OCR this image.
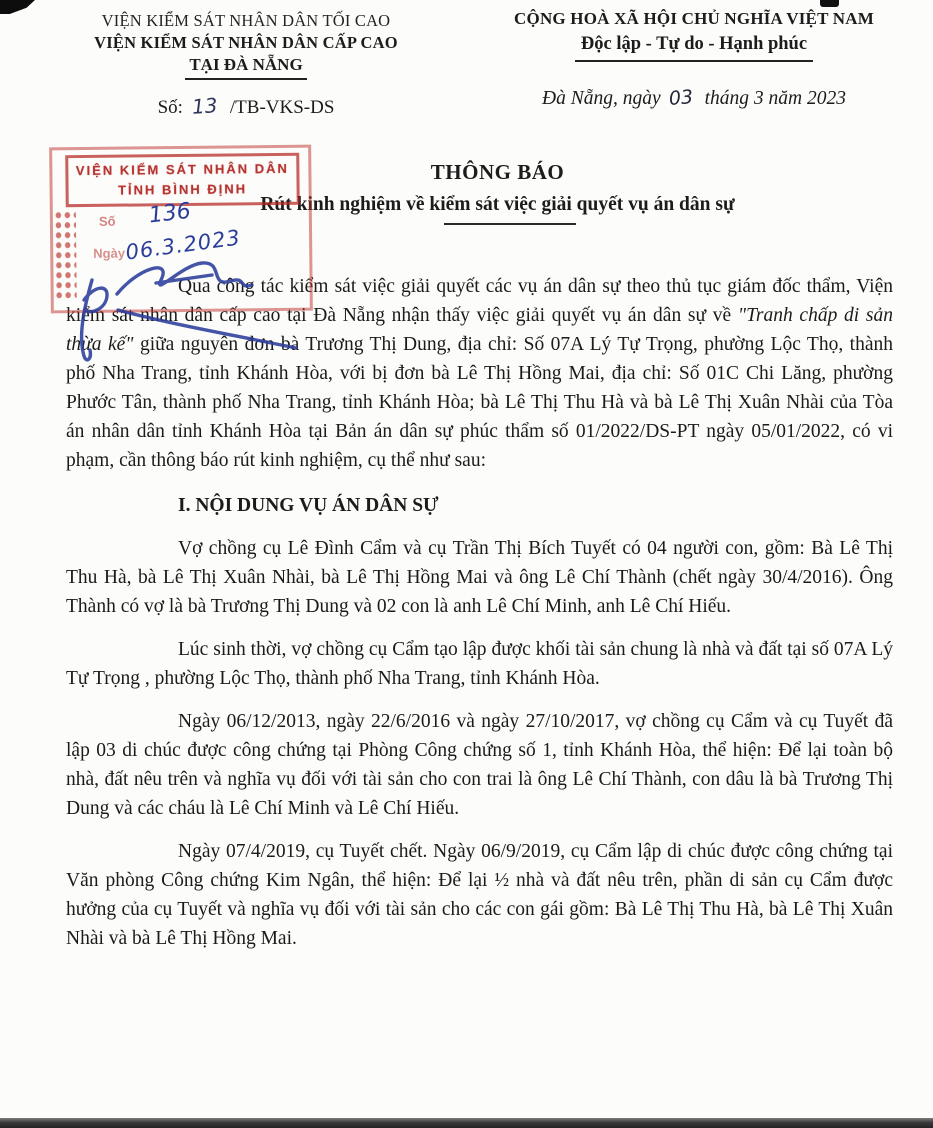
VIỆN KIỂM SÁT NHÂN DÂN TỐI CAO
VIỆN KIỂM SÁT NHÂN DÂN CẤP CAO
TẠI ĐÀ NẴNG
Số: 13 /TB-VKS-DS
CỘNG HOÀ XÃ HỘI CHỦ NGHĨA VIỆT NAM
Độc lập - Tự do - Hạnh phúc
Đà Nẵng, ngày 03 tháng 3 năm 2023
VIỆN KIỂM SÁT NHÂN DÂN
TỈNH BÌNH ĐỊNH
Số 136
Ngày
06.3.2023
THÔNG BÁO
Rút kinh nghiệm về kiểm sát việc giải quyết vụ án dân sự

Qua công tác kiểm sát việc giải quyết các vụ án dân sự theo thủ tục giám đốc thẩm, Viện kiểm sát nhân dân cấp cao tại Đà Nẵng nhận thấy việc giải quyết vụ án dân sự về "Tranh chấp di sản thừa kế" giữa nguyên đơn bà Trương Thị Dung, địa chỉ: Số 07A Lý Tự Trọng, phường Lộc Thọ, thành phố Nha Trang, tỉnh Khánh Hòa, với bị đơn bà Lê Thị Hồng Mai, địa chỉ: Số 01C Chi Lăng, phường Phước Tân, thành phố Nha Trang, tỉnh Khánh Hòa; bà Lê Thị Thu Hà và bà Lê Thị Xuân Nhài của Tòa án nhân dân tỉnh Khánh Hòa tại Bản án dân sự phúc thẩm số 01/2022/DS-PT ngày 05/01/2022, có vi phạm, cần thông báo rút kinh nghiệm, cụ thể như sau:

I. NỘI DUNG VỤ ÁN DÂN SỰ

Vợ chồng cụ Lê Đình Cẩm và cụ Trần Thị Bích Tuyết có 04 người con, gồm: Bà Lê Thị Thu Hà, bà Lê Thị Xuân Nhài, bà Lê Thị Hồng Mai và ông Lê Chí Thành (chết ngày 30/4/2016). Ông Thành có vợ là bà Trương Thị Dung và 02 con là anh Lê Chí Minh, anh Lê Chí Hiếu.

Lúc sinh thời, vợ chồng cụ Cẩm tạo lập được khối tài sản chung là nhà và đất tại số 07A Lý Tự Trọng , phường Lộc Thọ, thành phố Nha Trang, tỉnh Khánh Hòa.

Ngày 06/12/2013, ngày 22/6/2016 và ngày 27/10/2017, vợ chồng cụ Cẩm và cụ Tuyết đã lập 03 di chúc được công chứng tại Phòng Công chứng số 1, tỉnh Khánh Hòa, thể hiện: Để lại toàn bộ nhà, đất nêu trên và nghĩa vụ đối với tài sản cho con trai là ông Lê Chí Thành, con dâu là bà Trương Thị Dung và các cháu là Lê Chí Minh và Lê Chí Hiếu.

Ngày 07/4/2019, cụ Tuyết chết. Ngày 06/9/2019, cụ Cẩm lập di chúc được công chứng tại Văn phòng Công chứng Kim Ngân, thể hiện: Để lại ½ nhà và đất nêu trên, phần di sản cụ Cẩm được hưởng của cụ Tuyết và nghĩa vụ đối với tài sản cho các con gái gồm: Bà Lê Thị Thu Hà, bà Lê Thị Xuân Nhài và bà Lê Thị Hồng Mai.
